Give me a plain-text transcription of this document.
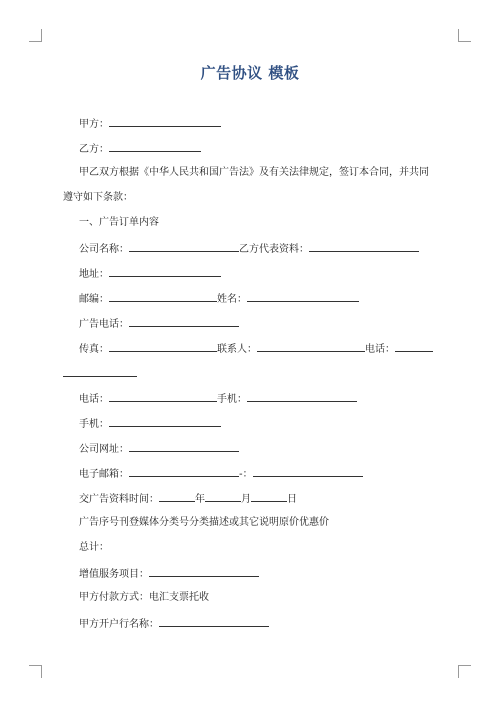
广告协议 模板
甲方：
乙方：
甲乙双方根据《中华人民共和国广告法》及有关法律规定，签订本合同，并共同
遵守如下条款：
一、广告订单内容
公司名称：	乙方代表资料：
地址：
邮编：	姓名：
广告电话：
传真：	联系人：	电话：
电话：	手机：
手机：
公司网址：
电子邮箱：	-：
交广告资料时间：	年	月	日
广告序号刊登媒体分类号分类描述或其它说明原价优惠价
总计：
增值服务项目：
甲方付款方式：电汇支票托收
甲方开户行名称：
